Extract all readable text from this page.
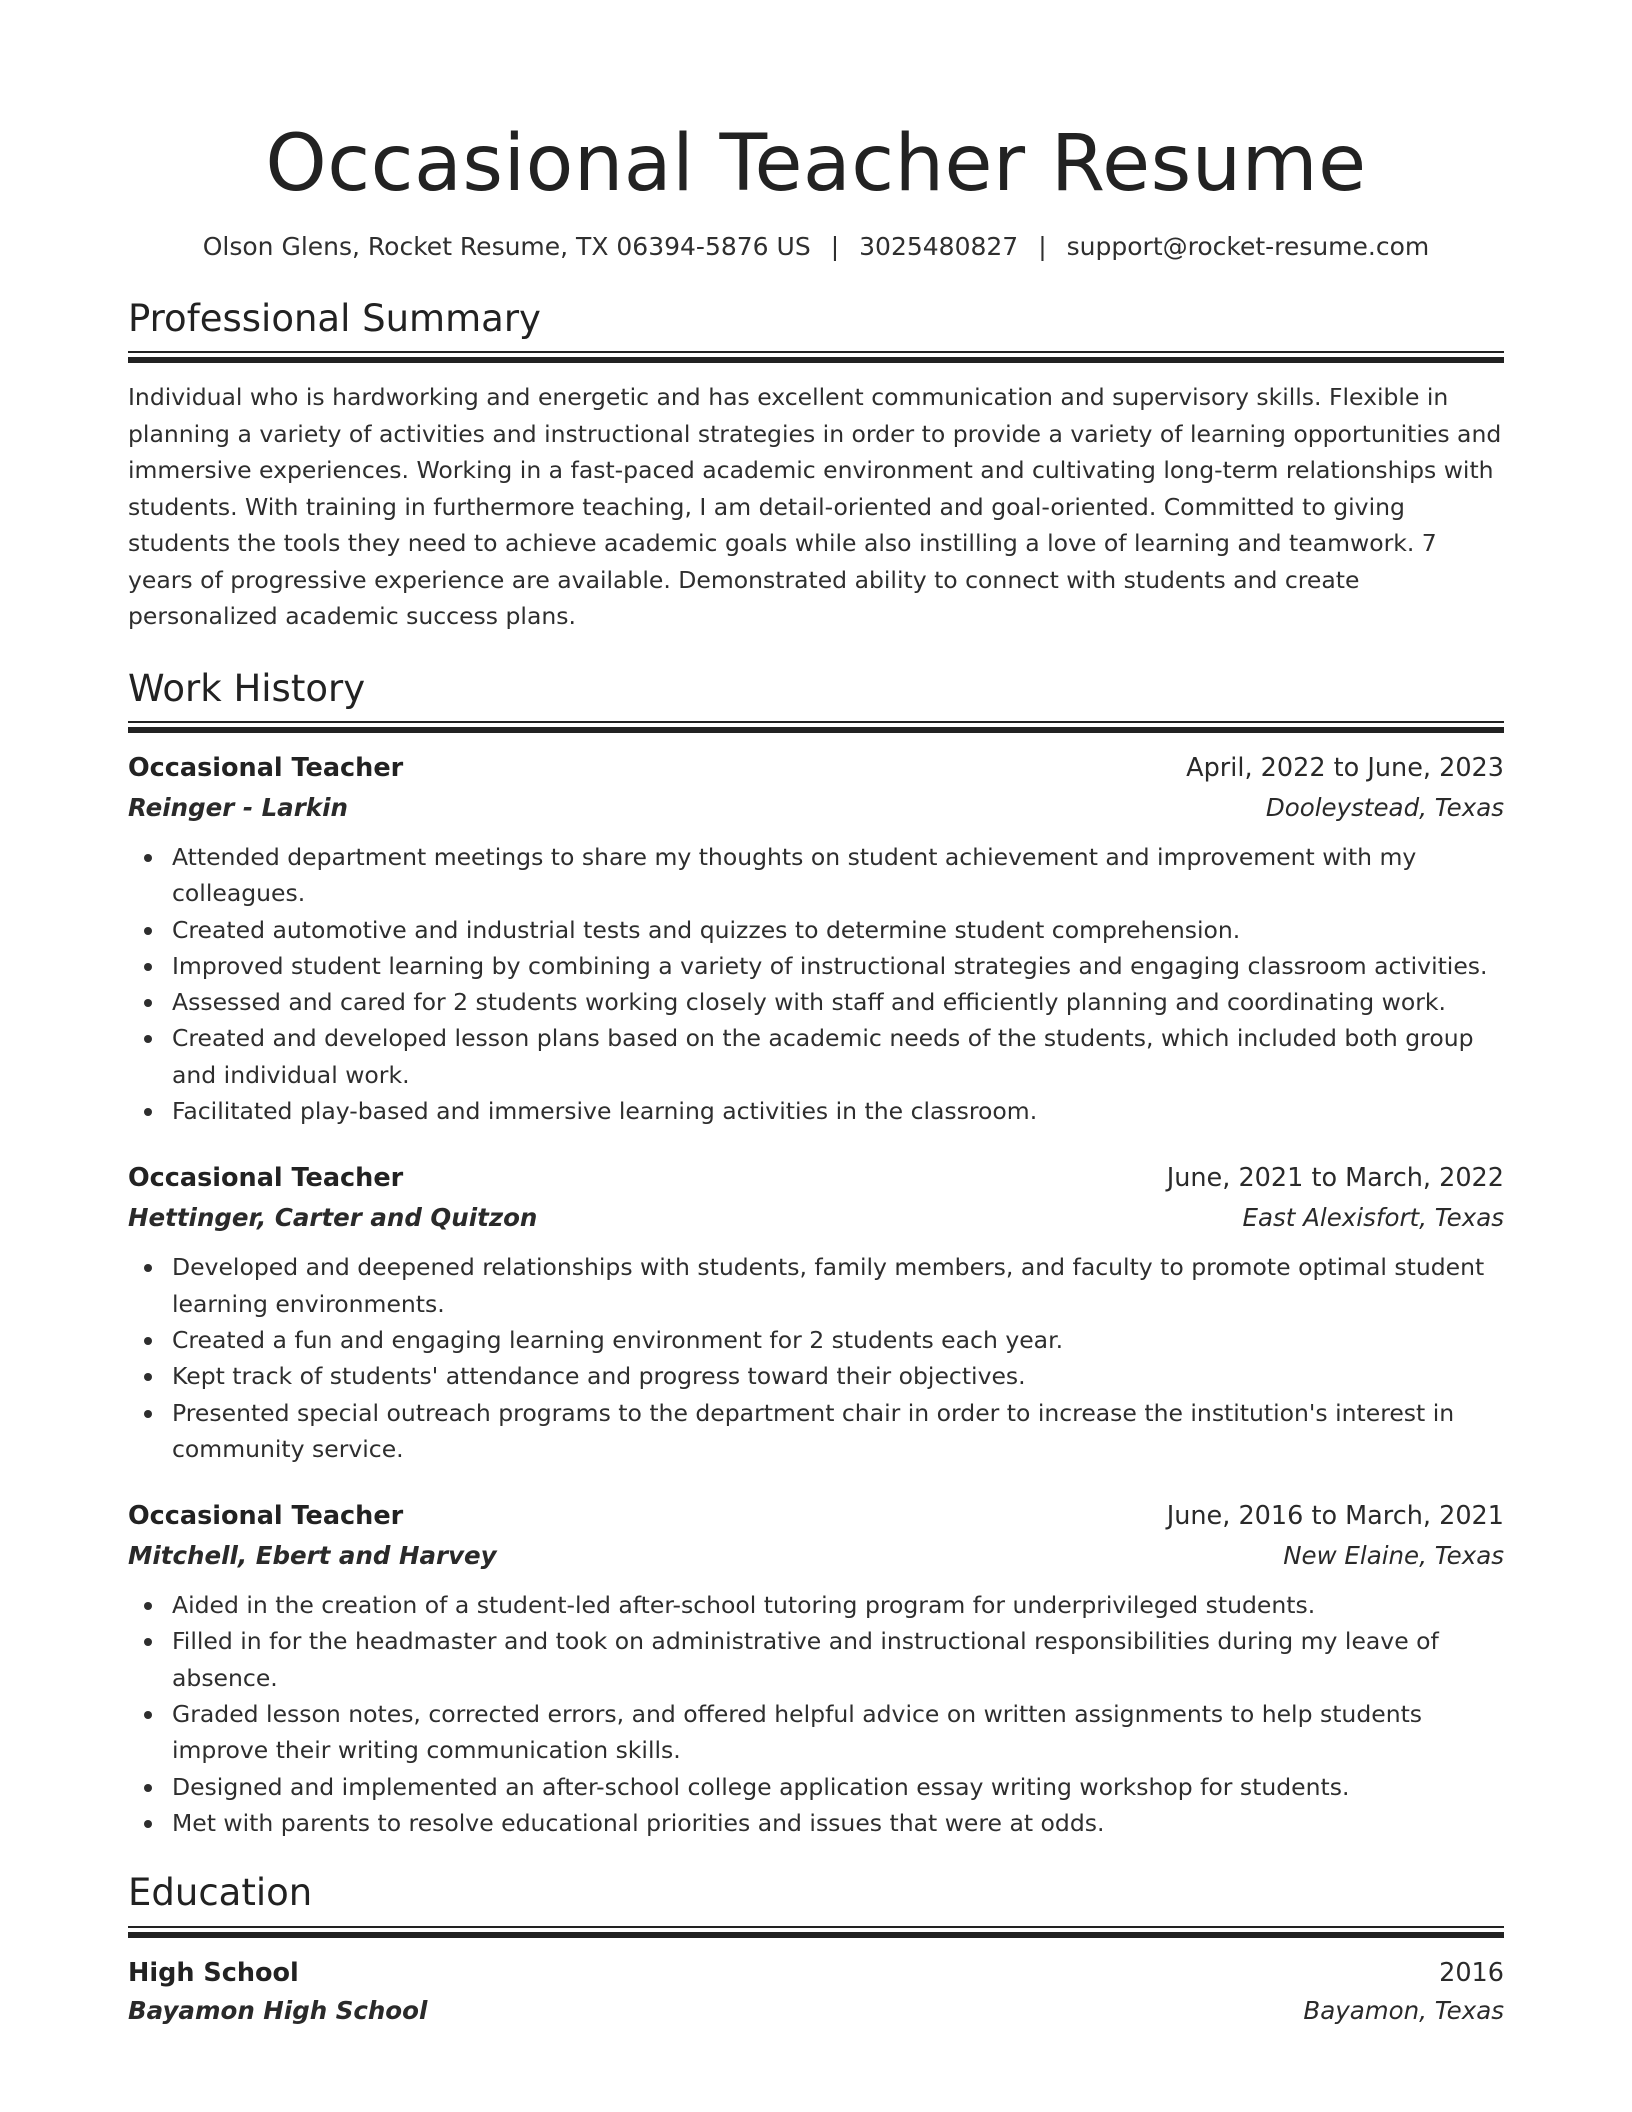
Occasional Teacher Resume
Olson Glens, Rocket Resume, TX 06394-5876 US | 3025480827 | support@rocket-resume.com
Professional Summary

Individual who is hardworking and energetic and has excellent communication and supervisory skills. Flexible in planning a variety of activities and instructional strategies in order to provide a variety of learning opportunities and immersive experiences. Working in a fast-paced academic environment and cultivating long-term relationships with students. With training in furthermore teaching, I am detail-oriented and goal-oriented. Committed to giving students the tools they need to achieve academic goals while also instilling a love of learning and teamwork. 7 years of progressive experience are available. Demonstrated ability to connect with students and create personalized academic success plans.

Work History
Occasional Teacher	April, 2022 to June, 2023
Reinger - Larkin	Dooleystead, Texas
Attended department meetings to share my thoughts on student achievement and improvement with my colleagues.
Created automotive and industrial tests and quizzes to determine student comprehension.
Improved student learning by combining a variety of instructional strategies and engaging classroom activities.
Assessed and cared for 2 students working closely with staff and efficiently planning and coordinating work.
Created and developed lesson plans based on the academic needs of the students, which included both group and individual work.
Facilitated play-based and immersive learning activities in the classroom.
Occasional Teacher	June, 2021 to March, 2022
Hettinger, Carter and Quitzon	East Alexisfort, Texas
Developed and deepened relationships with students, family members, and faculty to promote optimal student learning environments.
Created a fun and engaging learning environment for 2 students each year.
Kept track of students' attendance and progress toward their objectives.
Presented special outreach programs to the department chair in order to increase the institution's interest in community service.
Occasional Teacher	June, 2016 to March, 2021
Mitchell, Ebert and Harvey	New Elaine, Texas
Aided in the creation of a student-led after-school tutoring program for underprivileged students.
Filled in for the headmaster and took on administrative and instructional responsibilities during my leave of absence.
Graded lesson notes, corrected errors, and offered helpful advice on written assignments to help students improve their writing communication skills.
Designed and implemented an after-school college application essay writing workshop for students.
Met with parents to resolve educational priorities and issues that were at odds.
Education
High School	2016
Bayamon High School	Bayamon, Texas
